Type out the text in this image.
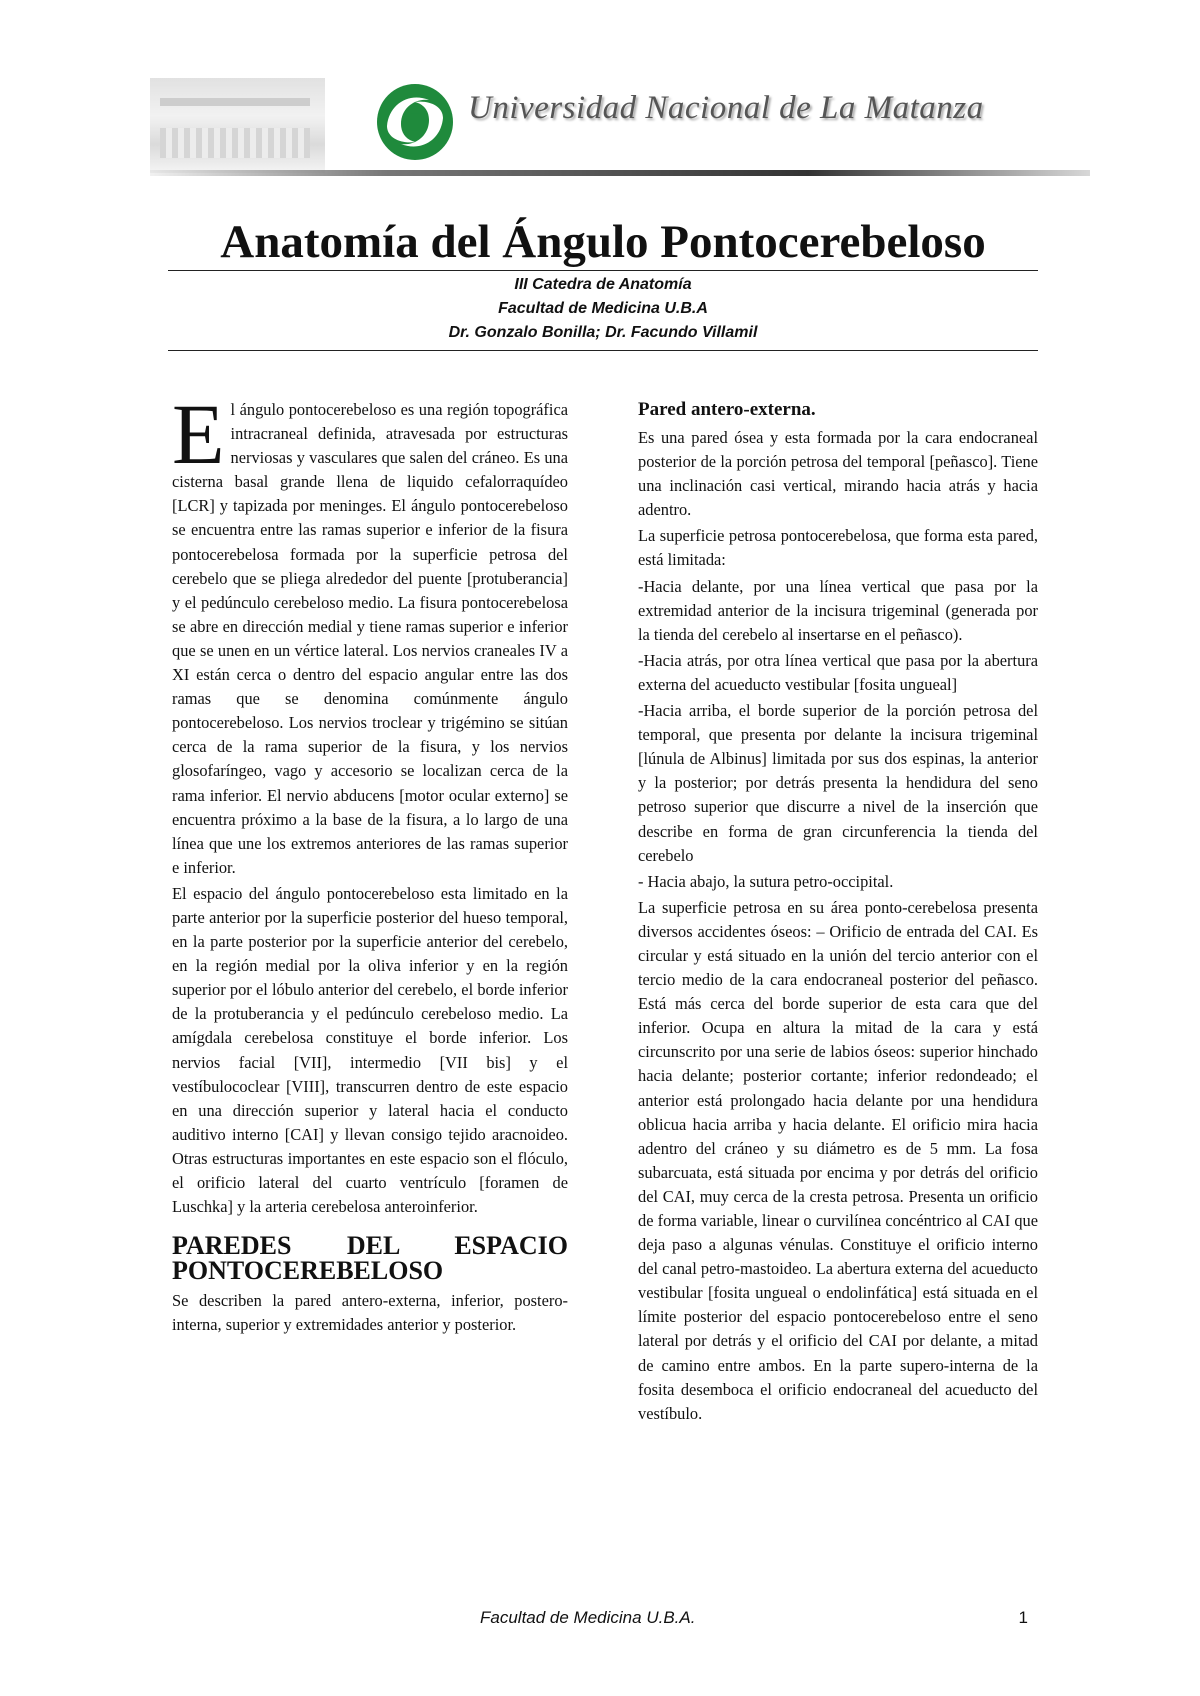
Universidad Nacional de La Matanza
Anatomía del Ángulo Pontocerebeloso
III Catedra de Anatomía
Facultad de Medicina U.B.A
Dr. Gonzalo Bonilla; Dr. Facundo Villamil

El ángulo pontocerebeloso es una región topográfica intracraneal definida, atravesada por estructuras nerviosas y vasculares que salen del cráneo. Es una cisterna basal grande llena de liquido cefalorraquídeo [LCR] y tapizada por meninges. El ángulo pontocerebeloso se encuentra entre las ramas superior e inferior de la fisura pontocerebelosa formada por la superficie petrosa del cerebelo que se pliega alrededor del puente [protuberancia] y el pedúnculo cerebeloso medio. La fisura pontocerebelosa se abre en dirección medial y tiene ramas superior e inferior que se unen en un vértice lateral. Los nervios craneales IV a XI están cerca o dentro del espacio angular entre las dos ramas que se denomina comúnmente ángulo pontocerebeloso. Los nervios troclear y trigémino se sitúan cerca de la rama superior de la fisura, y los nervios glosofaríngeo, vago y accesorio se localizan cerca de la rama inferior. El nervio abducens [motor ocular externo] se encuentra próximo a la base de la fisura, a lo largo de una línea que une los extremos anteriores de las ramas superior e inferior.

El espacio del ángulo pontocerebeloso esta limitado en la parte anterior por la superficie posterior del hueso temporal, en la parte posterior por la superficie anterior del cerebelo, en la región medial por la oliva inferior y en la región superior por el lóbulo anterior del cerebelo, el borde inferior de la protuberancia y el pedúnculo cerebeloso medio. La amígdala cerebelosa constituye el borde inferior. Los nervios facial [VII], intermedio [VII bis] y el vestíbulococlear [VIII], transcurren dentro de este espacio en una dirección superior y lateral hacia el conducto auditivo interno [CAI] y llevan consigo tejido aracnoideo. Otras estructuras importantes en este espacio son el flóculo, el orificio lateral del cuarto ventrículo [foramen de Luschka] y la arteria cerebelosa anteroinferior.

PAREDES DEL ESPACIO PONTOCEREBELOSO

Se describen la pared antero-externa, inferior, postero-interna, superior y extremidades anterior y posterior.

Pared antero-externa.

Es una pared ósea y esta formada por la cara endocraneal posterior de la porción petrosa del temporal [peñasco]. Tiene una inclinación casi vertical, mirando hacia atrás y hacia adentro.

La superficie petrosa pontocerebelosa, que forma esta pared, está limitada:

-Hacia delante, por una línea vertical que pasa por la extremidad anterior de la incisura trigeminal (generada por la tienda del cerebelo al insertarse en el peñasco).

-Hacia atrás, por otra línea vertical que pasa por la abertura externa del acueducto vestibular [fosita ungueal]

-Hacia arriba, el borde superior de la porción petrosa del temporal, que presenta por delante la incisura trigeminal [lúnula de Albinus] limitada por sus dos espinas, la anterior y la posterior; por detrás presenta la hendidura del seno petroso superior que discurre a nivel de la inserción que describe en forma de gran circunferencia la tienda del cerebelo

- Hacia abajo, la sutura petro-occipital.

La superficie petrosa en su área ponto-cerebelosa presenta diversos accidentes óseos: – Orificio de entrada del CAI. Es circular y está situado en la unión del tercio anterior con el tercio medio de la cara endocraneal posterior del peñasco. Está más cerca del borde superior de esta cara que del inferior. Ocupa en altura la mitad de la cara y está circunscrito por una serie de labios óseos: superior hinchado hacia delante; posterior cortante; inferior redondeado; el anterior está prolongado hacia delante por una hendidura oblicua hacia arriba y hacia delante. El orificio mira hacia adentro del cráneo y su diámetro es de 5 mm. La fosa subarcuata, está situada por encima y por detrás del orificio del CAI, muy cerca de la cresta petrosa. Presenta un orificio de forma variable, linear o curvilínea concéntrico al CAI que deja paso a algunas vénulas. Constituye el orificio interno del canal petro-mastoideo. La abertura externa del acueducto vestibular [fosita ungueal o endolinfática] está situada en el límite posterior del espacio pontocerebeloso entre el seno lateral por detrás y el orificio del CAI por delante, a mitad de camino entre ambos. En la parte supero-interna de la fosita desemboca el orificio endocraneal del acueducto del vestíbulo.

Facultad de Medicina U.B.A.	1
